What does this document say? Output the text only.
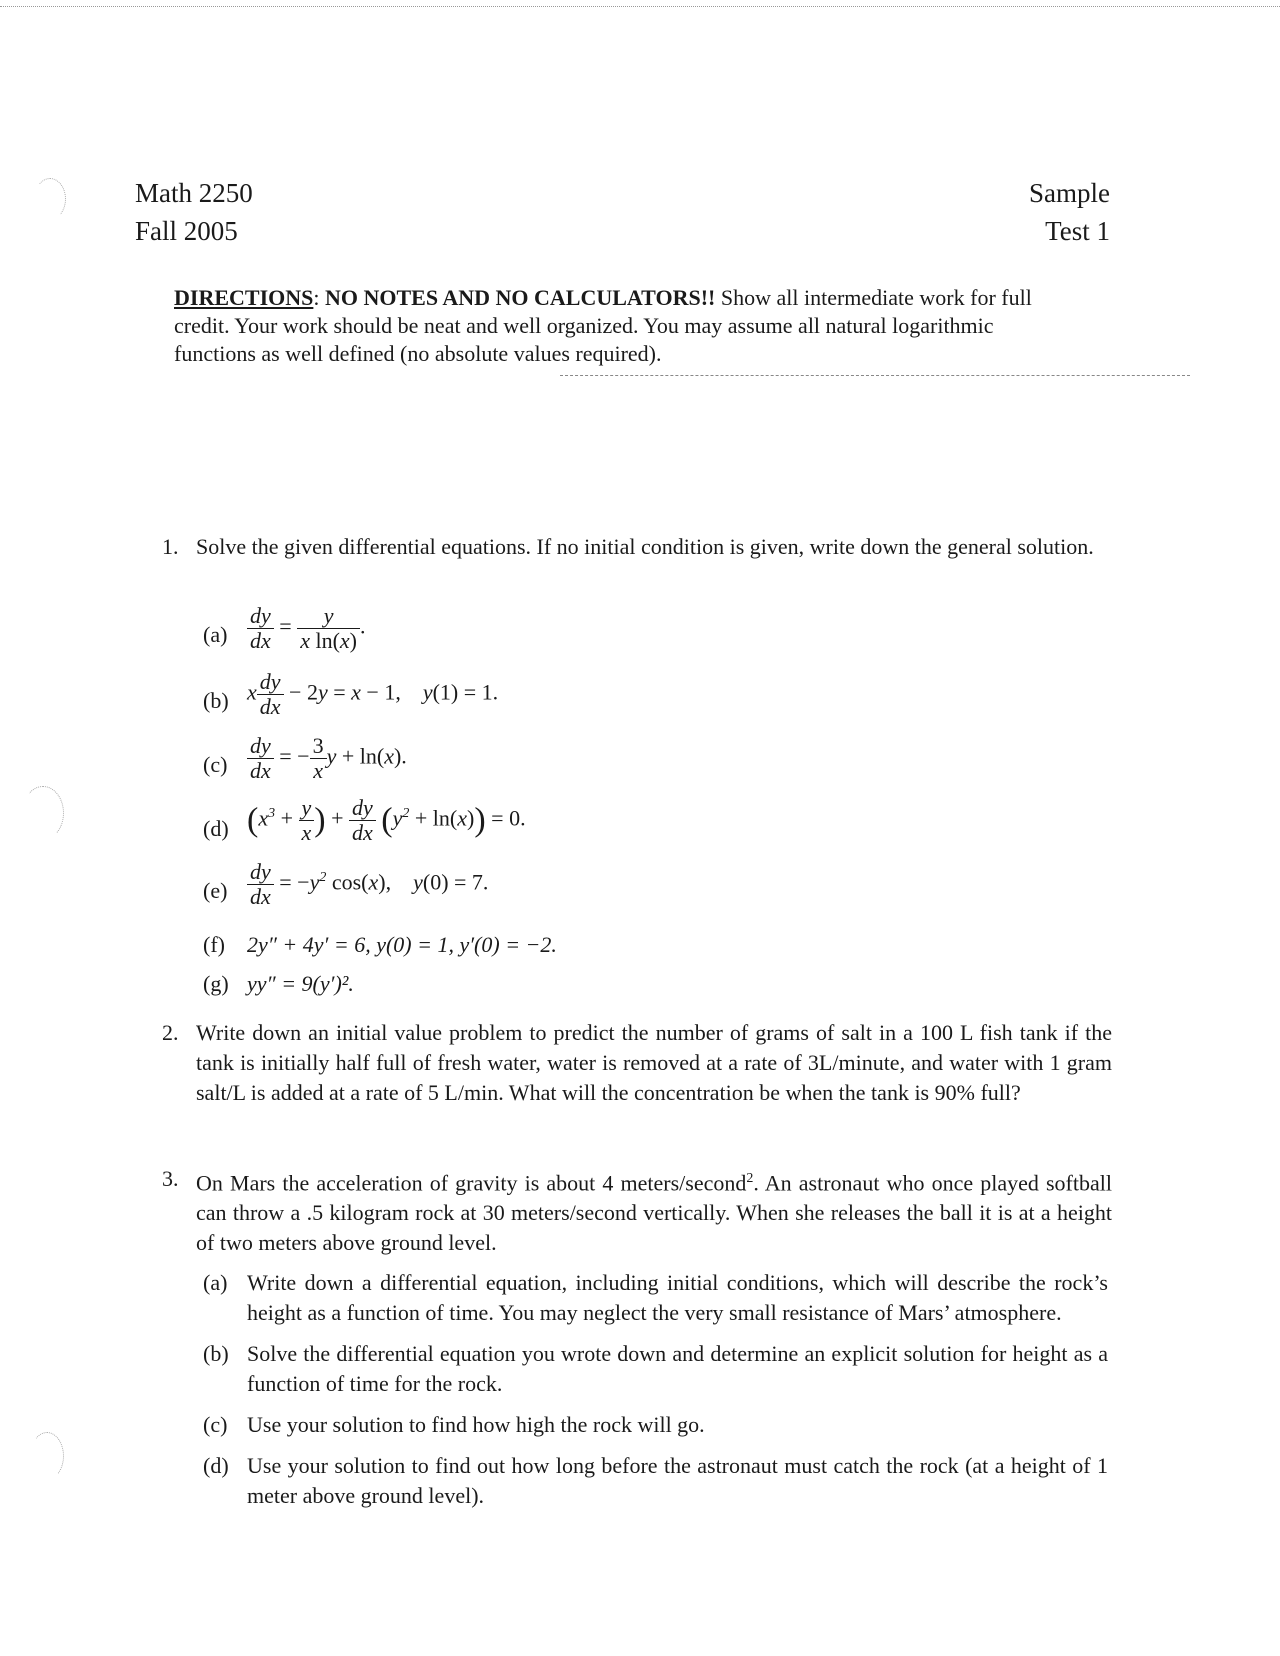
Math 2250
Fall 2005
Sample
Test 1
DIRECTIONS: NO NOTES AND NO CALCULATORS!! Show all intermediate work for full credit. Your work should be neat and well organized. You may assume all natural logarithmic functions as well defined (no absolute values required).
1. Solve the given differential equations. If no initial condition is given, write down the general solution.
$(a) \frac{dy}{dx} = \frac{y}{\text{x ln(x)}}$ .
(b) x $\frac{dy}{dx} - 2y = x - 1$,    y(1) = 1.
$(c) \frac{dy}{dx}$ = − $\frac{3}{x}$ y + ln(x).
(d) ($x^3 + \frac{y}{x}$ ) + $\frac{dy}{dx} (y^2 + \ln(x)) = 0$.
$(e) \frac{dy}{dx} = -y^2$ cos(x),    y(0) = 7.
(f) 2y″ + 4y′ = 6, y(0) = 1, y′(0) = −2.
(g) yy″ = 9(y′)².
2. Write down an initial value problem to predict the number of grams of salt in a 100 L fish tank if the tank is initially half full of fresh water, water is removed at a rate of 3L/minute, and water with 1 gram salt/L is added at a rate of 5 L/min. What will the concentration be when the tank is 90% full?
3. On Mars the acceleration of gravity is about 4 meters/second$^2$. An astronaut who once played softball can throw a .5 kilogram rock at 30 meters/second vertically. When she releases the ball it is at a height of two meters above ground level.
(a) Write down a differential equation, including initial conditions, which will describe the rock’s height as a function of time. You may neglect the very small resistance of Mars’ atmosphere.
(b) Solve the differential equation you wrote down and determine an explicit solution for height as a function of time for the rock.
(c) Use your solution to find how high the rock will go.
(d) Use your solution to find out how long before the astronaut must catch the rock (at a height of 1 meter above ground level).
